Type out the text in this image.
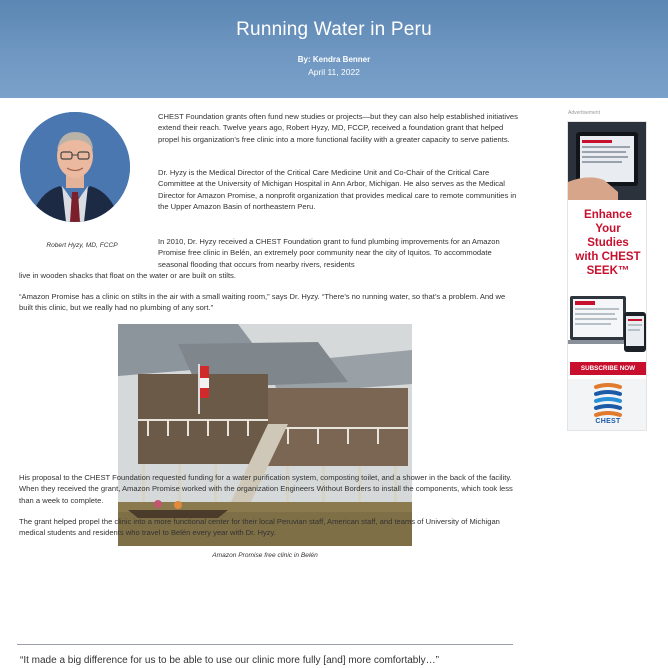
Running Water in Peru
By: Kendra Benner
April 11, 2022
Robert Hyzy, MD, FCCP

CHEST Foundation grants often fund new studies or projects—but they can also help established initiatives extend their reach. Twelve years ago, Robert Hyzy, MD, FCCP, received a foundation grant that helped propel his organization's free clinic into a more functional facility with a greater capacity to serve patients.

Dr. Hyzy is the Medical Director of the Critical Care Medicine Unit and Co-Chair of the Critical Care Committee at the University of Michigan Hospital in Ann Arbor, Michigan. He also serves as the Medical Director for Amazon Promise, a nonprofit organization that provides medical care to remote communities in the Upper Amazon Basin of northeastern Peru.

In 2010, Dr. Hyzy received a CHEST Foundation grant to fund plumbing improvements for an Amazon Promise free clinic in Belén, an extremely poor community near the city of Iquitos. To accommodate seasonal flooding that occurs from nearby rivers, residents

live in wooden shacks that float on the water or are built on stilts.

“Amazon Promise has a clinic on stilts in the air with a small waiting room,” says Dr. Hyzy. “There’s no running water, so that’s a problem. And we built this clinic, but we really had no plumbing of any sort.”

Amazon Promise free clinic in Belén

His proposal to the CHEST Foundation requested funding for a water purification system, composting toilet, and a shower in the back of the facility. When they received the grant, Amazon Promise worked with the organization Engineers Without Borders to install the components, which took less than a week to complete.

The grant helped propel the clinic into a more functional center for their local Peruvian staff, American staff, and teams of University of Michigan medical students and residents who travel to Belén every year with Dr. Hyzy.

“It made a big difference for us to be able to use our clinic more fully [and] more comfortably…”
Advertisement
Enhance
Your
Studies
with CHEST
SEEK™
SUBSCRIBE NOW
CHEST
